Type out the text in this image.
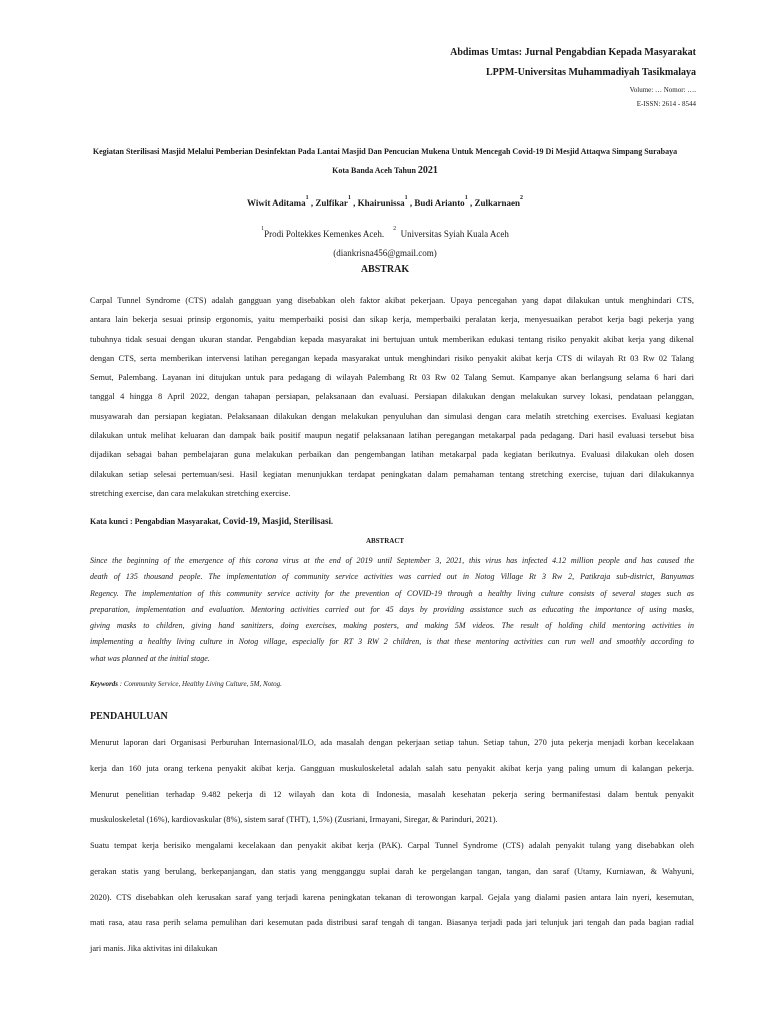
Abdimas Umtas: Jurnal Pengabdian Kepada Masyarakat
LPPM-Universitas Muhammadiyah Tasikmalaya
Volume: … Nomor: ….
E-ISSN: 2614 - 8544
Kegiatan Sterilisasi Masjid Melalui Pemberian Desinfektan Pada Lantai Masjid Dan Pencucian Mukena Untuk Mencegah Covid-19 Di Mesjid Attaqwa Simpang Surabaya
Kota Banda Aceh Tahun 2021
Wiwit Aditama$^1$ , Zulfikar$^1$ , Khairunissa$^1$ , Budi Arianto$^1$ , Zulkarnaen$^2$
$^1$Prodi Poltekkes Kemenkes Aceh. $^2$ Universitas Syiah Kuala Aceh
(diankrisna456@gmail.com)
ABSTRAK
Carpal Tunnel Syndrome (CTS) adalah gangguan yang disebabkan oleh faktor akibat pekerjaan. Upaya pencegahan yang dapat dilakukan untuk menghindari CTS,
antara lain bekerja sesuai prinsip ergonomis, yaitu memperbaiki posisi dan sikap kerja, memperbaiki peralatan kerja, menyesuaikan perabot kerja bagi pekerja yang
tubuhnya tidak sesuai dengan ukuran standar. Pengabdian kepada masyarakat ini bertujuan untuk memberikan edukasi tentang risiko penyakit akibat kerja yang dikenal
dengan CTS, serta memberikan intervensi latihan peregangan kepada masyarakat untuk menghindari risiko penyakit akibat kerja CTS di wilayah Rt 03 Rw 02 Talang
Semut, Palembang. Layanan ini ditujukan untuk para pedagang di wilayah Palembang Rt 03 Rw 02 Talang Semut. Kampanye akan berlangsung selama 6 hari dari
tanggal 4 hingga 8 April 2022, dengan tahapan persiapan, pelaksanaan dan evaluasi. Persiapan dilakukan dengan melakukan survey lokasi, pendataan pelanggan,
musyawarah dan persiapan kegiatan. Pelaksanaan dilakukan dengan melakukan penyuluhan dan simulasi dengan cara melatih stretching exercises. Evaluasi kegiatan
dilakukan untuk melihat keluaran dan dampak baik positif maupun negatif pelaksanaan latihan peregangan metakarpal pada pedagang. Dari hasil evaluasi tersebut bisa
dijadikan sebagai bahan pembelajaran guna melakukan perbaikan dan pengembangan latihan metakarpal pada kegiatan berikutnya. Evaluasi dilakukan oleh dosen
dilakukan setiap selesai pertemuan/sesi. Hasil kegiatan menunjukkan terdapat peningkatan dalam pemahaman tentang stretching exercise, tujuan dari dilakukannya
stretching exercise, dan cara melakukan stretching exercise.
Kata kunci : Pengabdian Masyarakat, Covid-19, Masjid, Sterilisasi.
ABSTRACT
Since the beginning of the emergence of this corona virus at the end of 2019 until September 3, 2021, this virus has infected 4.12 million people and has caused the
death of 135 thousand people. The implementation of community service activities was carried out in Notog Village Rt 3 Rw 2, Patikraja sub-district, Banyumas
Regency. The implementation of this community service activity for the prevention of COVID-19 through a healthy living culture consists of several stages such as
preparation, implementation and evaluation. Mentoring activities carried out for 45 days by providing assistance such as educating the importance of using masks,
giving masks to children, giving hand sanitizers, doing exercises, making posters, and making 5M videos. The result of holding child mentoring activities in
implementing a healthy living culture in Notog village, especially for RT 3 RW 2 children, is that these mentoring activities can run well and smoothly according to
what was planned at the initial stage.
Keywords : Community Service, Healthy Living Culture, 5M, Notog.
PENDAHULUAN
Menurut laporan dari Organisasi Perburuhan Internasional/ILO, ada masalah dengan pekerjaan setiap tahun. Setiap tahun, 270 juta pekerja menjadi korban kecelakaan
kerja dan 160 juta orang terkena penyakit akibat kerja. Gangguan muskuloskeletal adalah salah satu penyakit akibat kerja yang paling umum di kalangan pekerja.
Menurut penelitian terhadap 9.482 pekerja di 12 wilayah dan kota di Indonesia, masalah kesehatan pekerja sering bermanifestasi dalam bentuk penyakit
muskuloskeletal (16%), kardiovaskular (8%), sistem saraf (THT), 1,5%) (Zusriani, Irmayani, Siregar, & Parinduri, 2021).
Suatu tempat kerja berisiko mengalami kecelakaan dan penyakit akibat kerja (PAK). Carpal Tunnel Syndrome (CTS) adalah penyakit tulang yang disebabkan oleh
gerakan statis yang berulang, berkepanjangan, dan statis yang mengganggu suplai darah ke pergelangan tangan, tangan, dan saraf (Utamy, Kurniawan, & Wahyuni,
2020). CTS disebabkan oleh kerusakan saraf yang terjadi karena peningkatan tekanan di terowongan karpal. Gejala yang dialami pasien antara lain nyeri, kesemutan,
mati rasa, atau rasa perih selama pemulihan dari kesemutan pada distribusi saraf tengah di tangan. Biasanya terjadi pada jari telunjuk jari tengah dan pada bagian radial
jari manis. Jika aktivitas ini dilakukan
